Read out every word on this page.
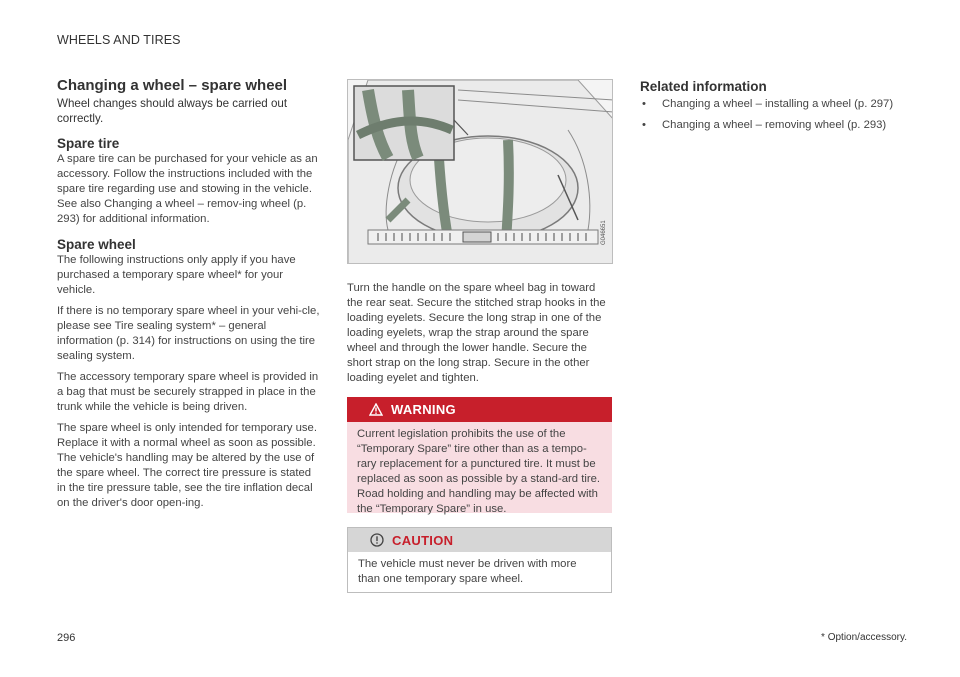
WHEELS AND TIRES
Changing a wheel – spare wheel

Wheel changes should always be carried out correctly.

Spare tire

A spare tire can be purchased for your vehicle as an accessory. Follow the instructions included with the spare tire regarding use and stowing in the vehicle. See also Changing a wheel – remov-ing wheel (p. 293) for additional information.

Spare wheel

The following instructions only apply if you have purchased a temporary spare wheel* for your vehicle.

If there is no temporary spare wheel in your vehi-cle, please see Tire sealing system* – general information (p. 314) for instructions on using the tire sealing system.

The accessory temporary spare wheel is provided in a bag that must be securely strapped in place in the trunk while the vehicle is being driven.

The spare wheel is only intended for temporary use. Replace it with a normal wheel as soon as possible. The vehicle's handling may be altered by the use of the spare wheel. The correct tire pressure is stated in the tire pressure table, see the tire inflation decal on the driver's door open-ing.

G046651

Turn the handle on the spare wheel bag in toward the rear seat. Secure the stitched strap hooks in the loading eyelets. Secure the long strap in one of the loading eyelets, wrap the strap around the spare wheel and through the lower handle. Secure the short strap on the long strap. Secure in the other loading eyelet and tighten.

WARNING

Current legislation prohibits the use of the “Temporary Spare” tire other than as a tempo-rary replacement for a punctured tire. It must be replaced as soon as possible by a stand-ard tire. Road holding and handling may be affected with the “Temporary Spare” in use.

CAUTION

The vehicle must never be driven with more than one temporary spare wheel.

Related information
• Changing a wheel – installing a wheel (p. 297)
• Changing a wheel – removing wheel (p. 293)
296	* Option/accessory.
